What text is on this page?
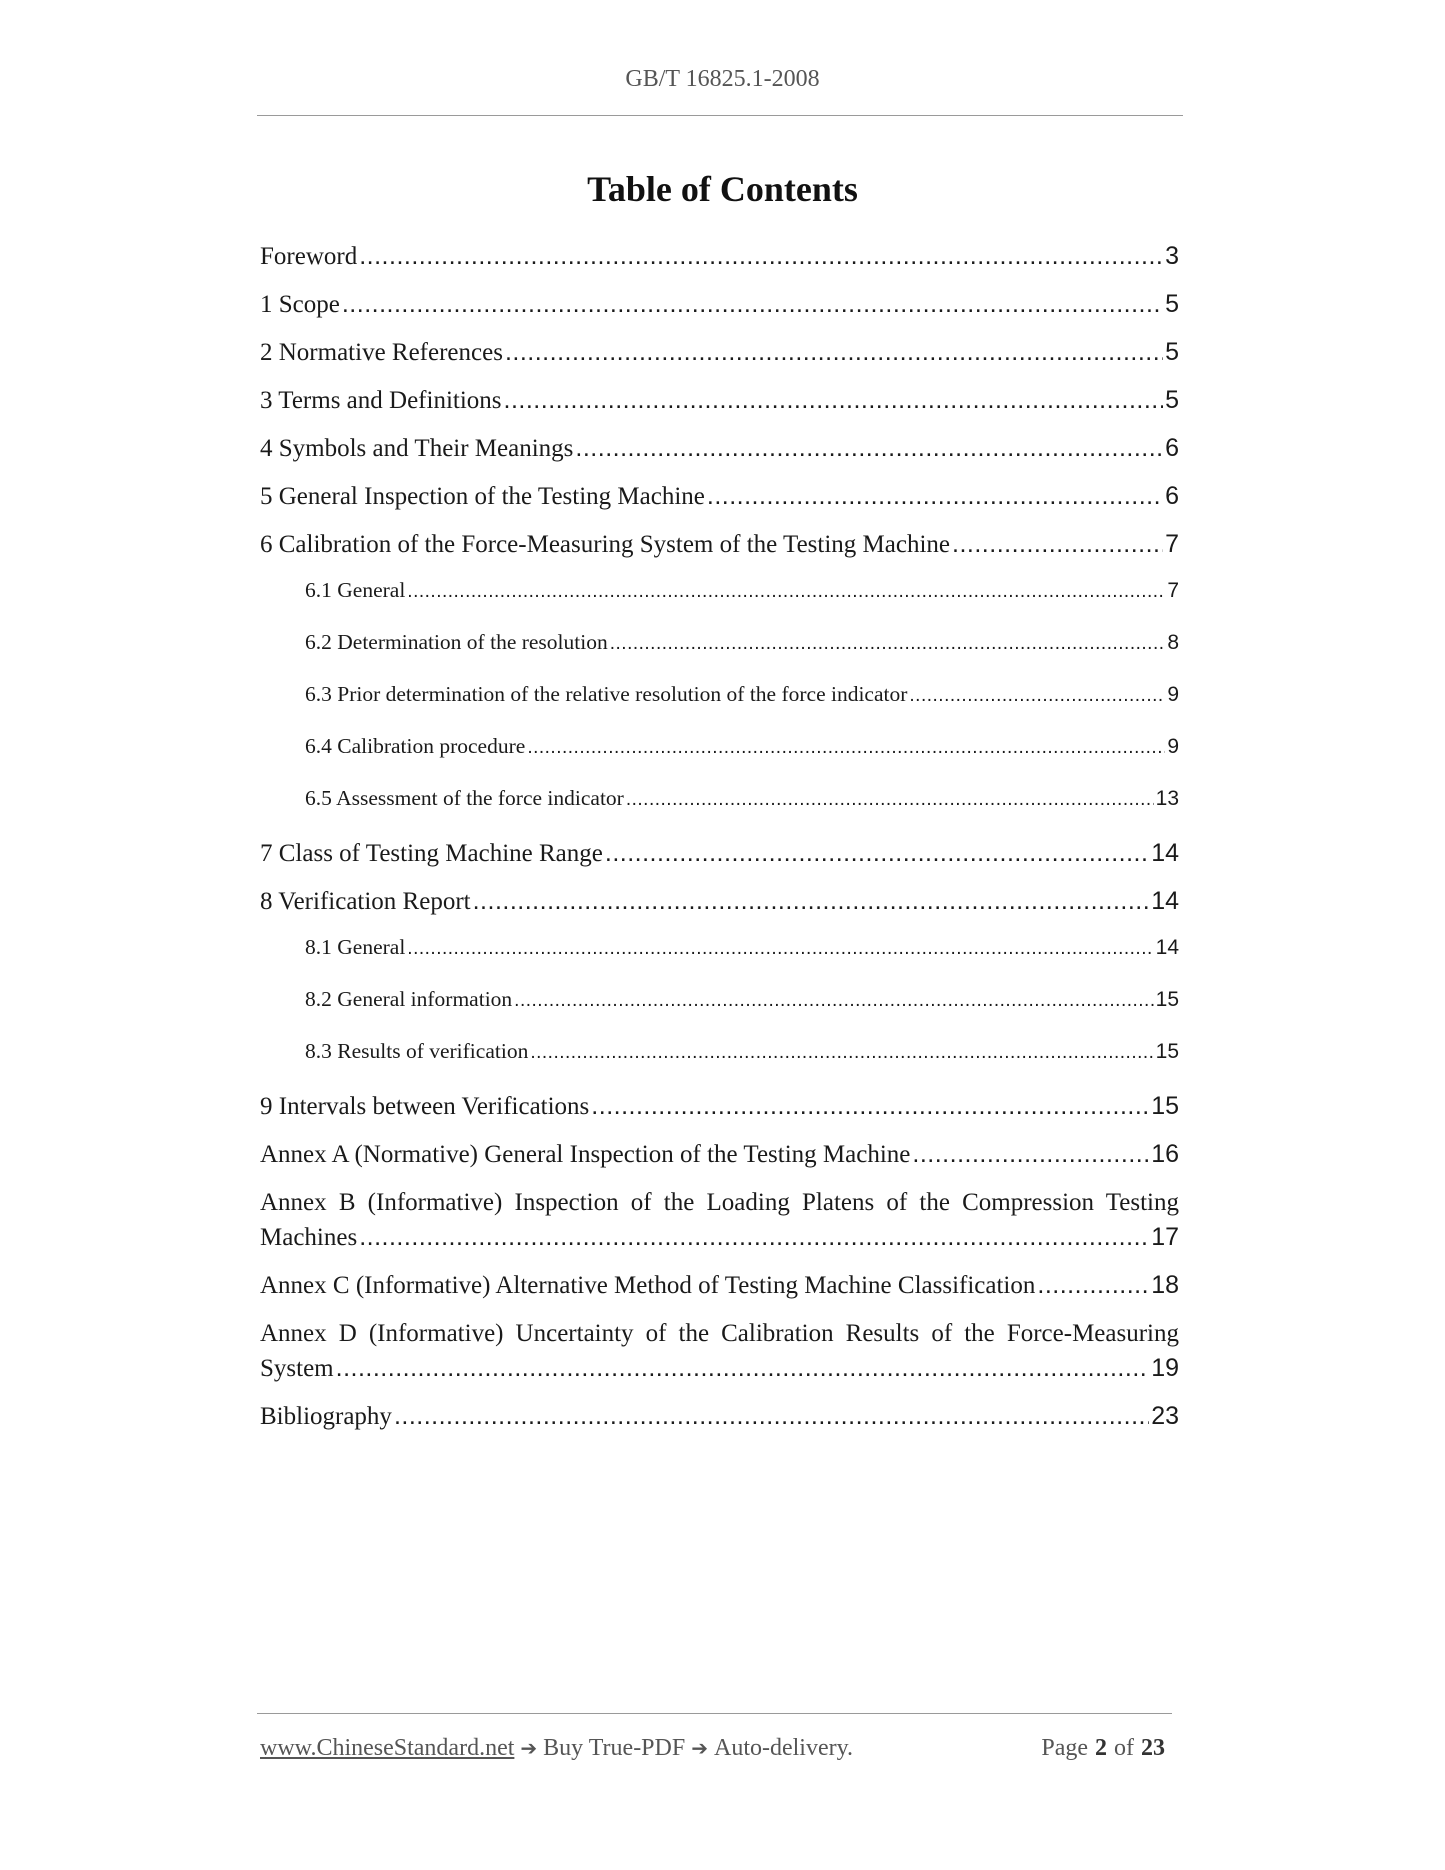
GB/T 16825.1-2008
Table of Contents
Foreword .....	3
1 Scope .....	5
2 Normative References .....	5
3 Terms and Definitions .....	5
4 Symbols and Their Meanings .....	6
5 General Inspection of the Testing Machine .....	6
6 Calibration of the Force-Measuring System of the Testing Machine .....	7
6.1 General .....	7
6.2 Determination of the resolution .....	8
6.3 Prior determination of the relative resolution of the force indicator .....	9
6.4 Calibration procedure .....	9
6.5 Assessment of the force indicator .....	13
7 Class of Testing Machine Range .....	14
8 Verification Report .....	14
8.1 General .....	14
8.2 General information .....	15
8.3 Results of verification .....	15
9 Intervals between Verifications .....	15
Annex A (Normative) General Inspection of the Testing Machine .....	16
Annex B (Informative) Inspection of the Loading Platens of the Compression Testing
Machines .....	17
Annex C (Informative) Alternative Method of Testing Machine Classification .....	18
Annex D (Informative) Uncertainty of the Calibration Results of the Force-Measuring
System .....	19
Bibliography .....	23
www.ChineseStandard.net ➔ Buy True-PDF ➔ Auto-delivery.	Page 2 of 23
